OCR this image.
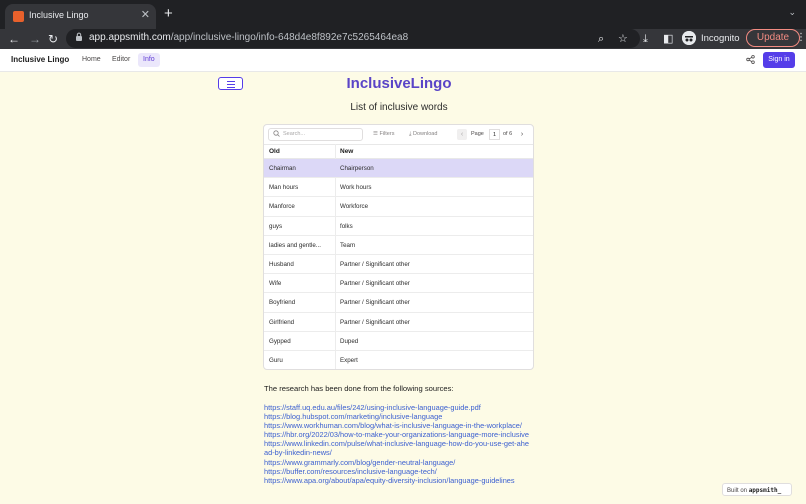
Inclusive Lingo	✕ +	⌄
← → ↻	app.appsmith.com/app/inclusive-lingo/info-648d4e8f892e7c5265464ea8	⌕ ☆ ⤓ ◧	Incognito	Update ⋮
Inclusive Lingo	Home	Editor	Info	Sign in
InclusiveLingo
List of inclusive words
Search...	☰ Filters	⤓ Download	‹	Page	1	of 6	›
Old	New
Chairman	Chairperson
Man hours	Work hours
Manforce	Workforce
guys	folks
ladies and gentle...	Team
Husband	Partner / Significant other
Wife	Partner / Significant other
Boyfriend	Partner / Significant other
Girlfriend	Partner / Significant other
Gypped	Duped
Guru	Expert
The research has been done from the following sources:
https://staff.uq.edu.au/files/242/using-inclusive-language-guide.pdf
https://blog.hubspot.com/marketing/inclusive-language
https://www.workhuman.com/blog/what-is-inclusive-language-in-the-workplace/
https://hbr.org/2022/03/how-to-make-your-organizations-language-more-inclusive
https://www.linkedin.com/pulse/what-inclusive-language-how-do-you-use-get-ahead-by-linkedin-news/
https://www.grammarly.com/blog/gender-neutral-language/
https://buffer.com/resources/inclusive-language-tech/
https://www.apa.org/about/apa/equity-diversity-inclusion/language-guidelines
Built on appsmith_
